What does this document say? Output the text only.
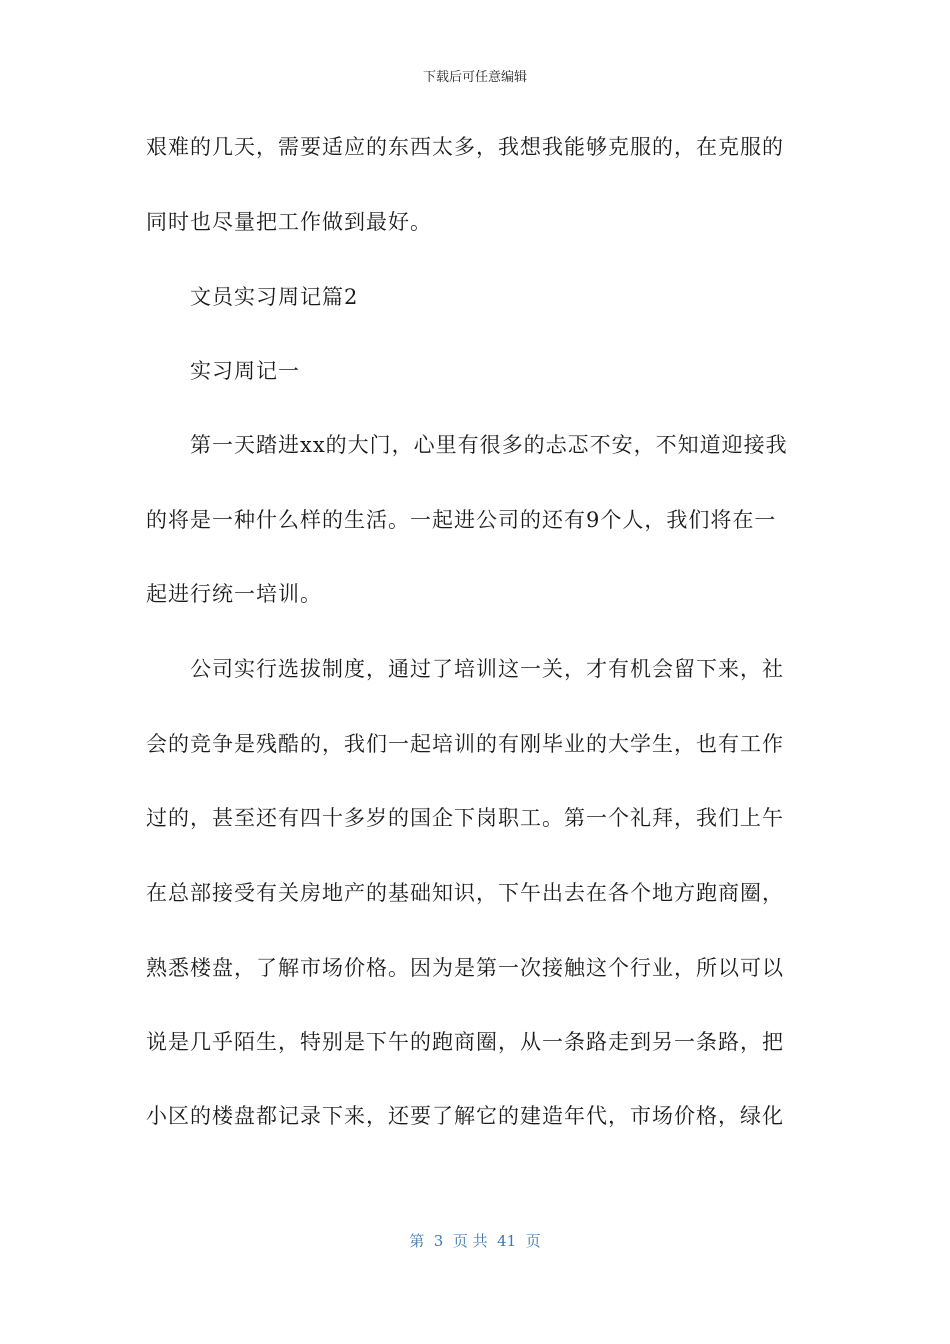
下载后可任意编辑
艰难的几天，需要适应的东西太多，我想我能够克服的，在克服的
同时也尽量把工作做到最好。
文员实习周记篇2
实习周记一
第一天踏进xx的大门，心里有很多的忐忑不安，不知道迎接我
的将是一种什么样的生活。一起进公司的还有9个人，我们将在一
起进行统一培训。
公司实行选拔制度，通过了培训这一关，才有机会留下来，社
会的竞争是残酷的，我们一起培训的有刚毕业的大学生，也有工作
过的，甚至还有四十多岁的国企下岗职工。第一个礼拜，我们上午
在总部接受有关房地产的基础知识，下午出去在各个地方跑商圈，
熟悉楼盘，了解市场价格。因为是第一次接触这个行业，所以可以
说是几乎陌生，特别是下午的跑商圈，从一条路走到另一条路，把
小区的楼盘都记录下来，还要了解它的建造年代，市场价格，绿化
第  3  页 共  41  页
